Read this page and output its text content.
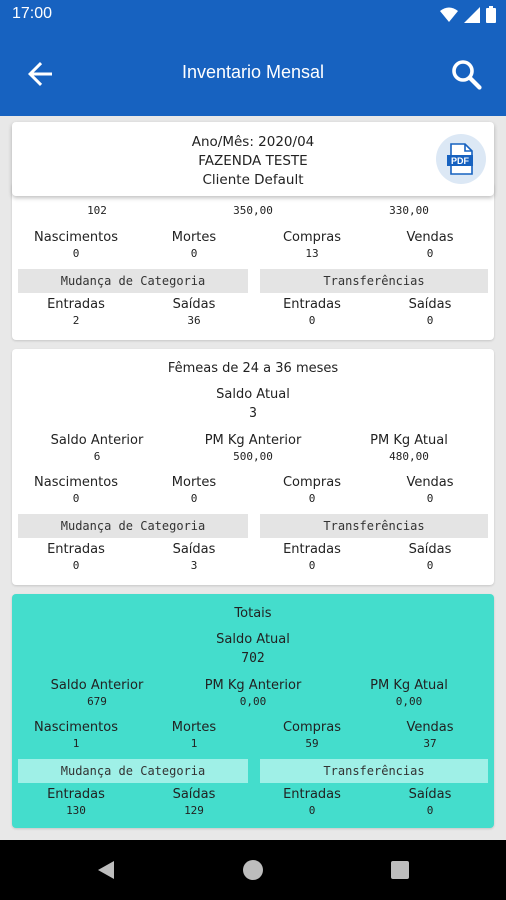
17:00
Inventario Mensal
Ano/Mês: 2020/04
FAZENDA TESTE
Cliente Default
PDF
102	350,00	330,00
Nascimentos
0
Mortes
0
Compras
13
Vendas
0
Mudança de Categoria	Transferências
Entradas
2
Saídas
36
Entradas
0
Saídas
0
Fêmeas de 24 a 36 meses
Saldo Atual
3
Saldo Anterior
6
PM Kg Anterior
500,00
PM Kg Atual
480,00
Nascimentos
0
Mortes
0
Compras
0
Vendas
0
Mudança de Categoria	Transferências
Entradas
0
Saídas
3
Entradas
0
Saídas
0
Totais
Saldo Atual
702
Saldo Anterior
679
PM Kg Anterior
0,00
PM Kg Atual
0,00
Nascimentos
1
Mortes
1
Compras
59
Vendas
37
Mudança de Categoria	Transferências
Entradas
130
Saídas
129
Entradas
0
Saídas
0
